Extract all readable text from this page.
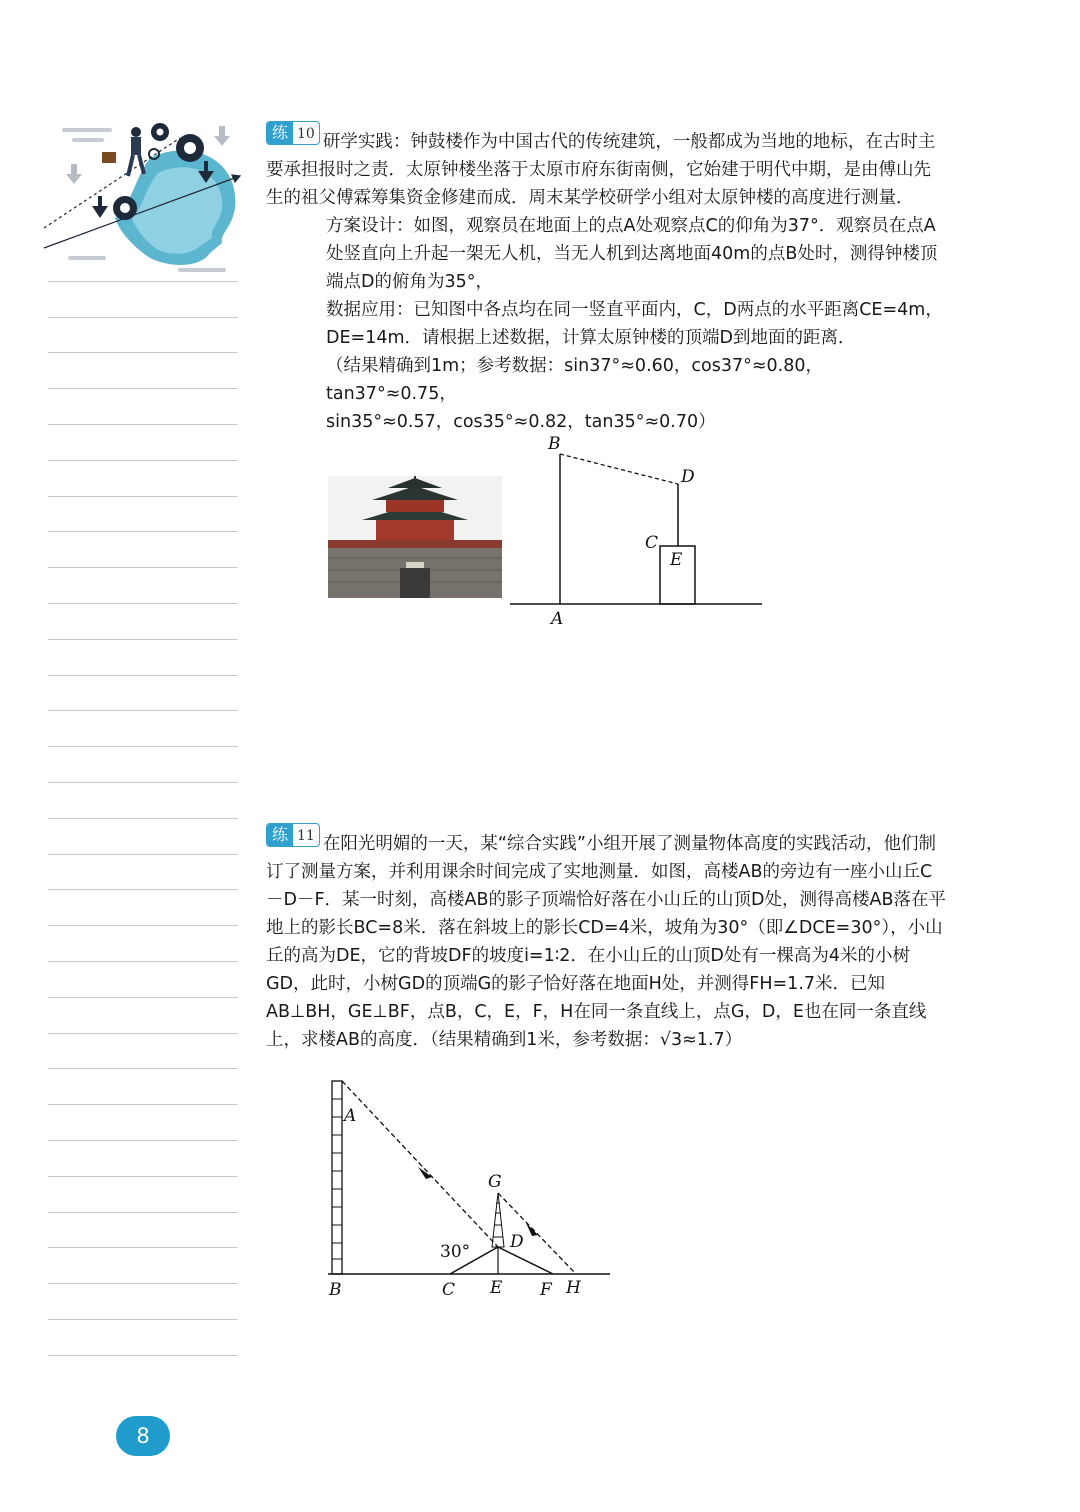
练 10 研学实践：钟鼓楼作为中国古代的传统建筑，一般都成为当地的地标，在古时主要承担报时之责．太原钟楼坐落于太原市府东街南侧，它始建于明代中期，是由傅山先生的祖父傅霖筹集资金修建而成．周末某学校研学小组对太原钟楼的高度进行测量．

方案设计：如图，观察员在地面上的点A处观察点C的仰角为37°．观察员在点A处竖直向上升起一架无人机，当无人机到达离地面40m的点B处时，测得钟楼顶端点D的俯角为35°，

数据应用：已知图中各点均在同一竖直平面内，C，D两点的水平距离CE=4m，DE=14m．请根据上述数据，计算太原钟楼的顶端D到地面的距离．

（结果精确到1m；参考数据：sin37°≈0.60，cos37°≈0.80，tan37°≈0.75，

sin35°≈0.57，cos35°≈0.82，tan35°≈0.70）

B
D
C
E
A

练 11 在阳光明媚的一天，某“综合实践”小组开展了测量物体高度的实践活动，他们制订了测量方案，并利用课余时间完成了实地测量．如图，高楼AB的旁边有一座小山丘C－D－F．某一时刻，高楼AB的影子顶端恰好落在小山丘的山顶D处，测得高楼AB落在平地上的影长BC=8米．落在斜坡上的影长CD=4米，坡角为30°（即∠DCE=30°），小山丘的高为DE，它的背坡DF的坡度i=1∶2．在小山丘的山顶D处有一棵高为4米的小树GD，此时，小树GD的顶端G的影子恰好落在地面H处，并测得FH=1.7米．已知AB⊥BH，GE⊥BF，点B，C，E，F，H在同一条直线上，点G，D，E也在同一条直线上，求楼AB的高度．（结果精确到1米，参考数据：√3≈1.7）

A
G
D
30°
B	C E F H
8
